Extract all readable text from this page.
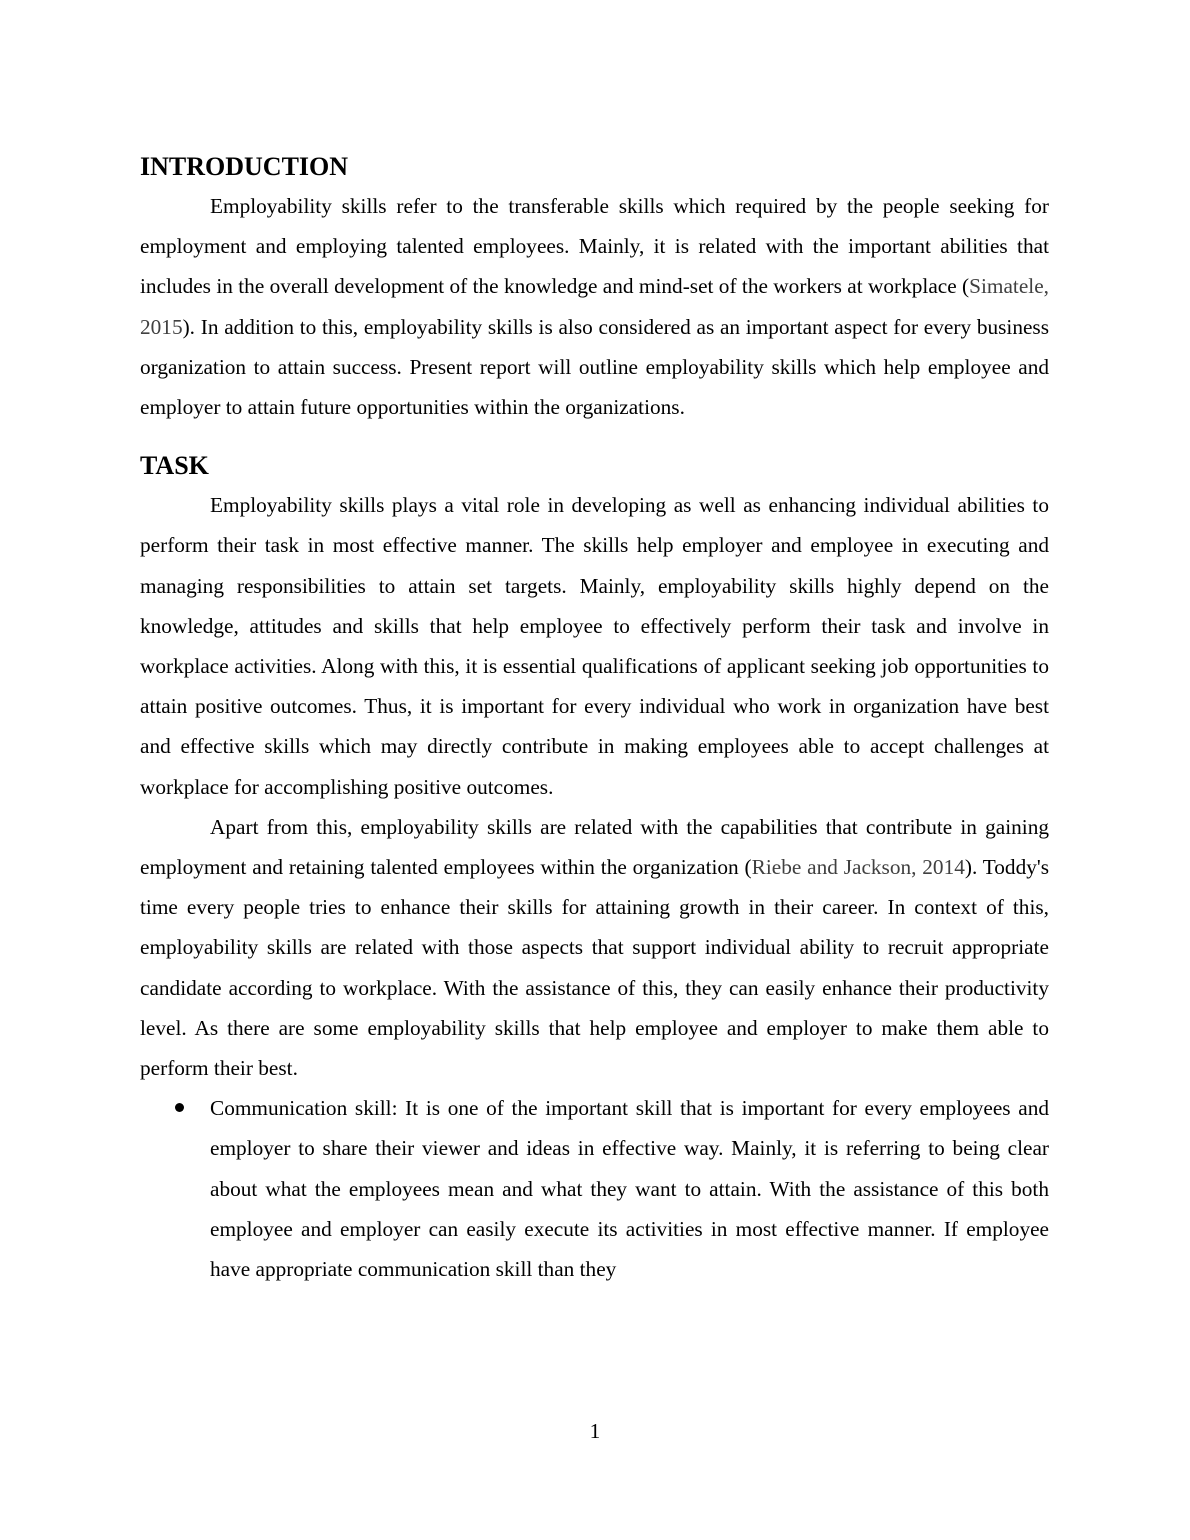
INTRODUCTION

Employability skills refer to the transferable skills which required by the people seeking for employment and employing talented employees. Mainly, it is related with the important abilities that includes in the overall development of the knowledge and mind-set of the workers at workplace (Simatele, 2015). In addition to this, employability skills is also considered as an important aspect for every business organization to attain success. Present report will outline employability skills which help employee and employer to attain future opportunities within the organizations.

TASK

Employability skills plays a vital role in developing as well as enhancing individual abilities to perform their task in most effective manner. The skills help employer and employee in executing and managing responsibilities to attain set targets. Mainly, employability skills highly depend on the knowledge, attitudes and skills that help employee to effectively perform their task and involve in workplace activities. Along with this, it is essential qualifications of applicant seeking job opportunities to attain positive outcomes. Thus, it is important for every individual who work in organization have best and effective skills which may directly contribute in making employees able to accept challenges at workplace for accomplishing positive outcomes.

Apart from this, employability skills are related with the capabilities that contribute in gaining employment and retaining talented employees within the organization (Riebe and Jackson, 2014). Toddy's time every people tries to enhance their skills for attaining growth in their career. In context of this, employability skills are related with those aspects that support individual ability to recruit appropriate candidate according to workplace. With the assistance of this, they can easily enhance their productivity level. As there are some employability skills that help employee and employer to make them able to perform their best.

Communication skill: It is one of the important skill that is important for every employees and employer to share their viewer and ideas in effective way. Mainly, it is referring to being clear about what the employees mean and what they want to attain. With the assistance of this both employee and employer can easily execute its activities in most effective manner. If employee have appropriate communication skill than they
1
